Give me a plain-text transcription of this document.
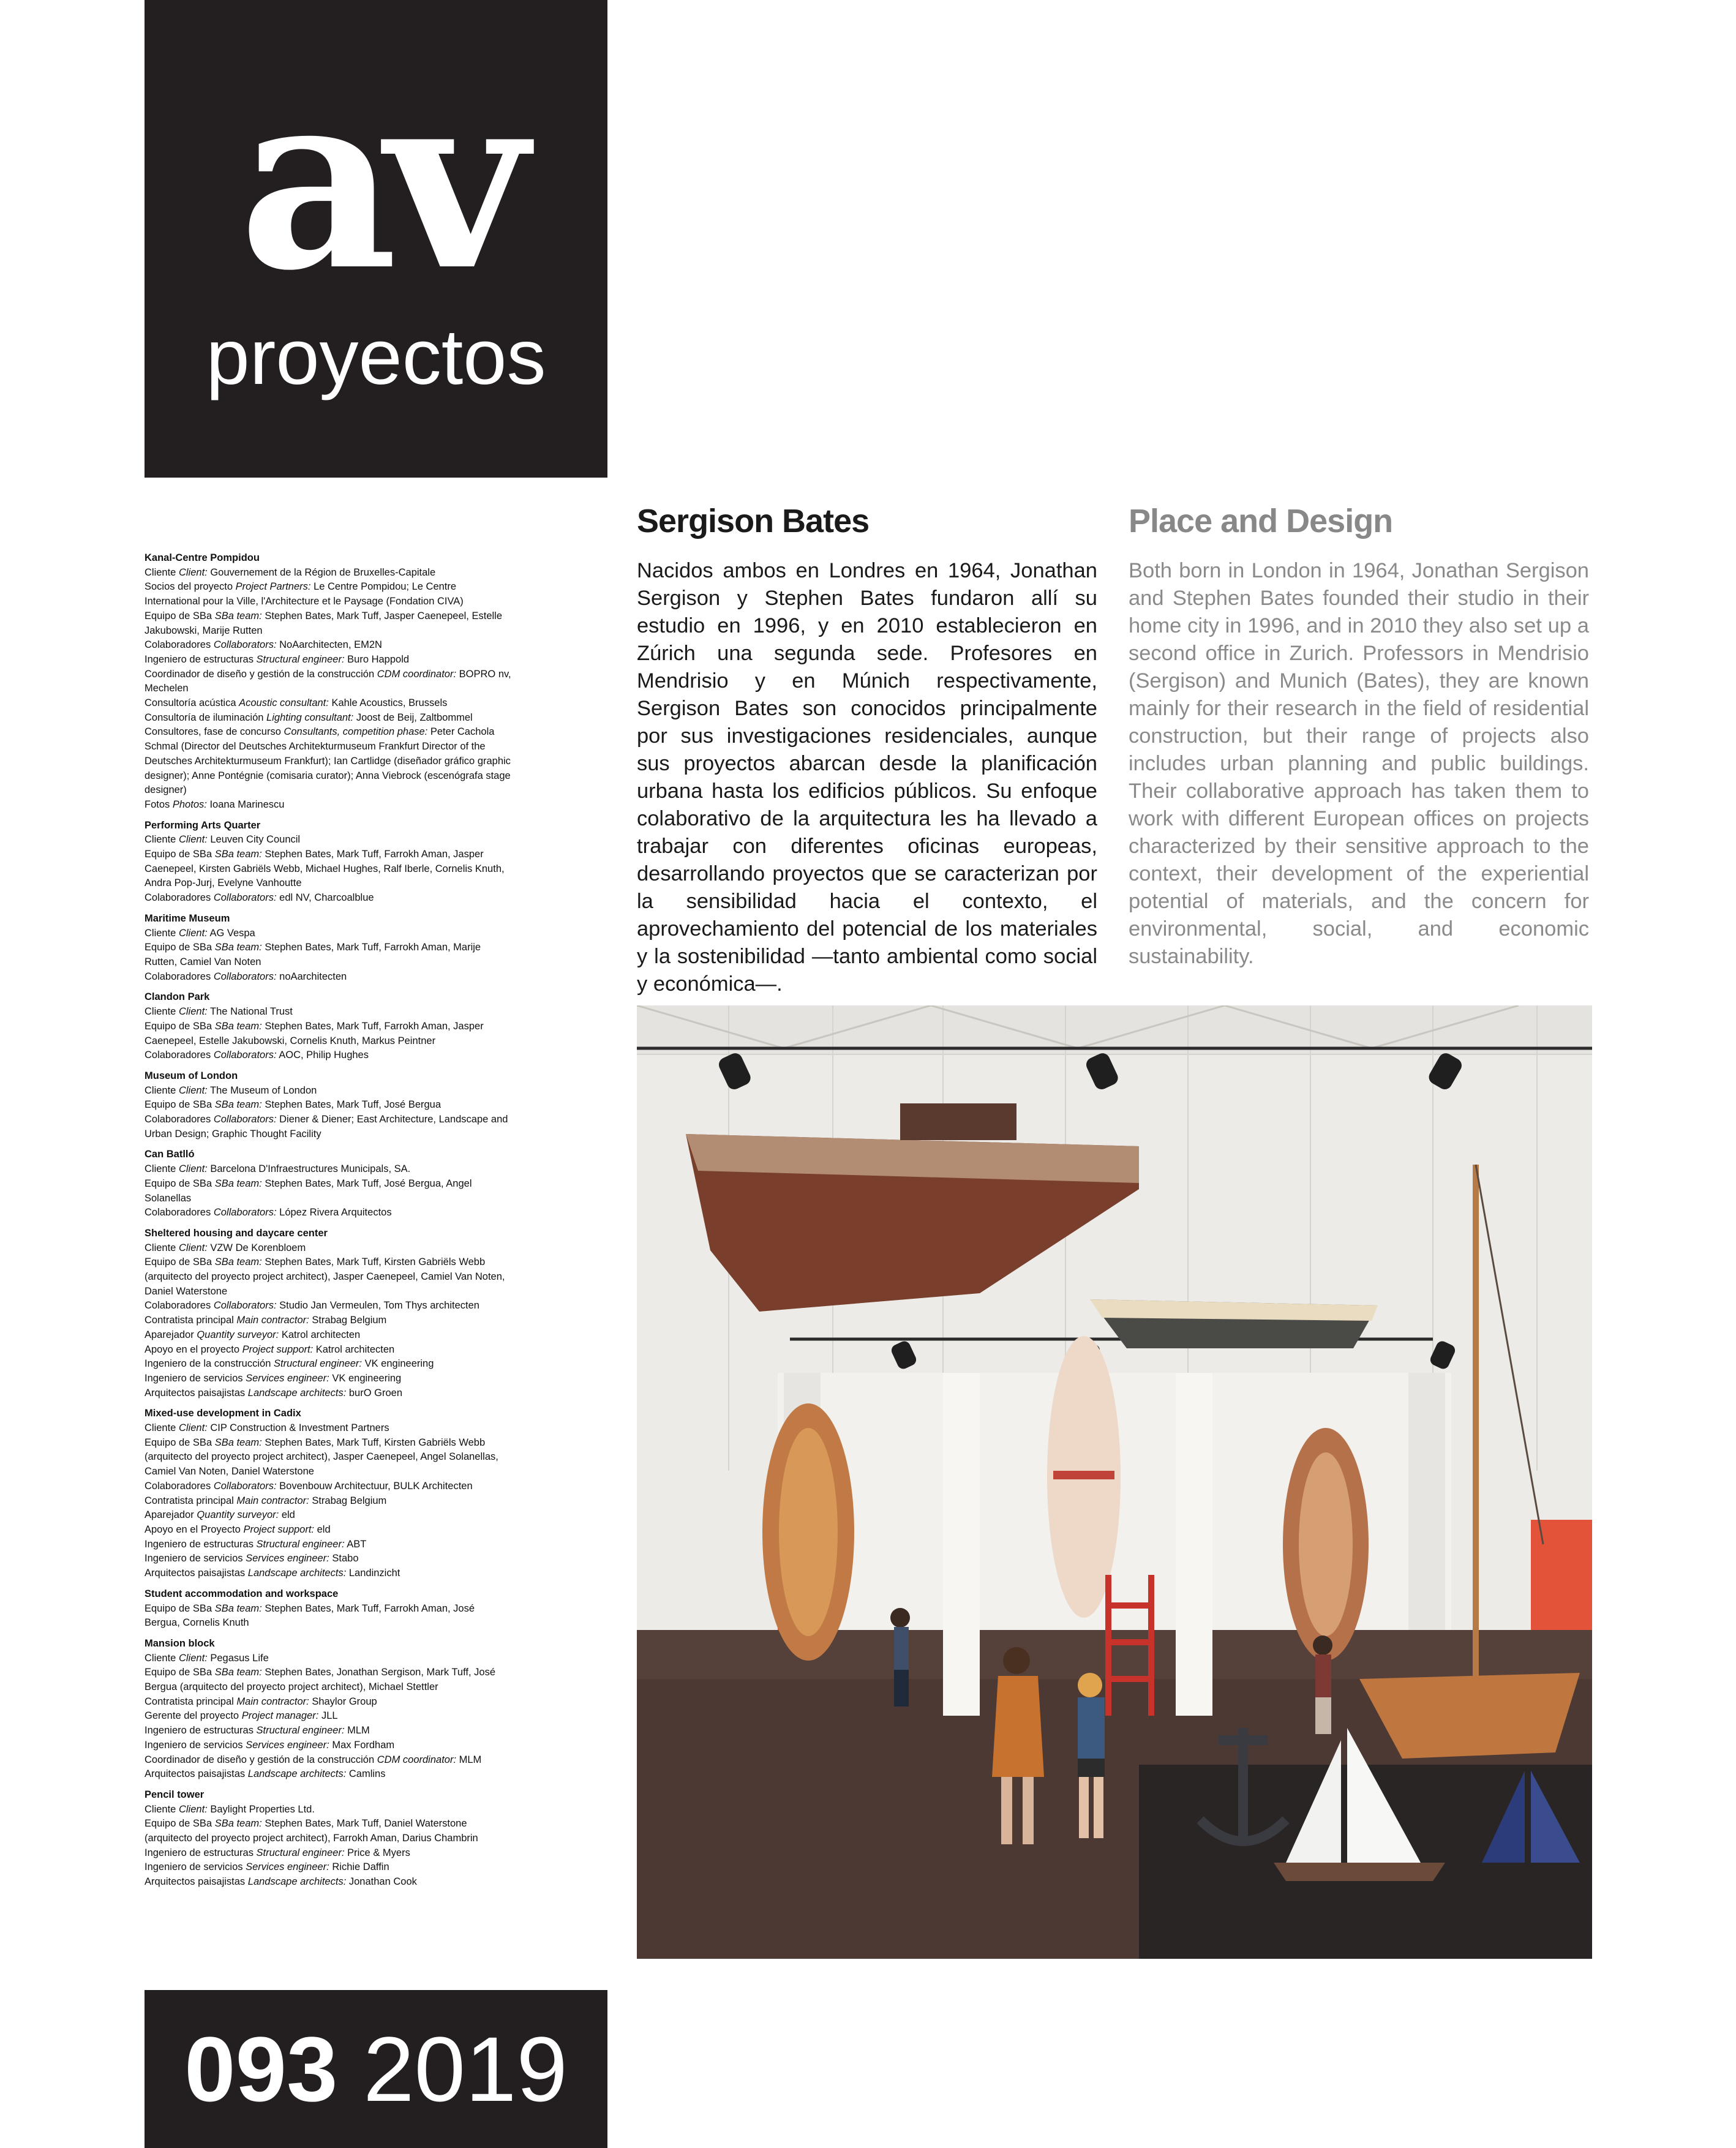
av
proyectos
Kanal-Centre Pompidou
Cliente Client: Gouvernement de la Région de Bruxelles-Capitale
Socios del proyecto Project Partners: Le Centre Pompidou; Le Centre International pour la Ville, l'Architecture et le Paysage (Fondation CIVA)
Equipo de SBa SBa team: Stephen Bates, Mark Tuff, Jasper Caenepeel, Estelle Jakubowski, Marije Rutten
Colaboradores Collaborators: NoAarchitecten, EM2N
Ingeniero de estructuras Structural engineer: Buro Happold
Coordinador de diseño y gestión de la construcción CDM coordinator: BOPRO nv, Mechelen
Consultoría acústica Acoustic consultant: Kahle Acoustics, Brussels
Consultoría de iluminación Lighting consultant: Joost de Beij, Zaltbommel
Consultores, fase de concurso Consultants, competition phase: Peter Cachola Schmal (Director del Deutsches Architekturmuseum Frankfurt Director of the Deutsches Architekturmuseum Frankfurt); Ian Cartlidge (diseñador gráfico graphic designer); Anne Pontégnie (comisaria curator); Anna Viebrock (escenógrafa stage designer)
Fotos Photos: Ioana Marinescu
Performing Arts Quarter
Cliente Client: Leuven City Council
Equipo de SBa SBa team: Stephen Bates, Mark Tuff, Farrokh Aman, Jasper Caenepeel, Kirsten Gabriëls Webb, Michael Hughes, Ralf Iberle, Cornelis Knuth, Andra Pop-Jurj, Evelyne Vanhoutte
Colaboradores Collaborators: edl NV, Charcoalblue
Maritime Museum
Cliente Client: AG Vespa
Equipo de SBa SBa team: Stephen Bates, Mark Tuff, Farrokh Aman, Marije Rutten, Camiel Van Noten
Colaboradores Collaborators: noAarchitecten
Clandon Park
Cliente Client: The National Trust
Equipo de SBa SBa team: Stephen Bates, Mark Tuff, Farrokh Aman, Jasper Caenepeel, Estelle Jakubowski, Cornelis Knuth, Markus Peintner
Colaboradores Collaborators: AOC, Philip Hughes
Museum of London
Cliente Client: The Museum of London
Equipo de SBa SBa team: Stephen Bates, Mark Tuff, José Bergua
Colaboradores Collaborators: Diener & Diener; East Architecture, Landscape and Urban Design; Graphic Thought Facility
Can Batlló
Cliente Client: Barcelona D'Infraestructures Municipals, SA.
Equipo de SBa SBa team: Stephen Bates, Mark Tuff, José Bergua, Angel Solanellas
Colaboradores Collaborators: López Rivera Arquitectos
Sheltered housing and daycare center
Cliente Client: VZW De Korenbloem
Equipo de SBa SBa team: Stephen Bates, Mark Tuff, Kirsten Gabriëls Webb (arquitecto del proyecto project architect), Jasper Caenepeel, Camiel Van Noten, Daniel Waterstone
Colaboradores Collaborators: Studio Jan Vermeulen, Tom Thys architecten
Contratista principal Main contractor: Strabag Belgium
Aparejador Quantity surveyor: Katrol architecten
Apoyo en el proyecto Project support: Katrol architecten
Ingeniero de la construcción Structural engineer: VK engineering
Ingeniero de servicios Services engineer: VK engineering
Arquitectos paisajistas Landscape architects: burO Groen
Mixed-use development in Cadix
Cliente Client: CIP Construction & Investment Partners
Equipo de SBa SBa team: Stephen Bates, Mark Tuff, Kirsten Gabriëls Webb (arquitecto del proyecto project architect), Jasper Caenepeel, Angel Solanellas, Camiel Van Noten, Daniel Waterstone
Colaboradores Collaborators: Bovenbouw Architectuur, BULK Architecten
Contratista principal Main contractor: Strabag Belgium
Aparejador Quantity surveyor: eld
Apoyo en el Proyecto Project support: eld
Ingeniero de estructuras Structural engineer: ABT
Ingeniero de servicios Services engineer: Stabo
Arquitectos paisajistas Landscape architects: Landinzicht
Student accommodation and workspace
Equipo de SBa SBa team: Stephen Bates, Mark Tuff, Farrokh Aman, José Bergua, Cornelis Knuth
Mansion block
Cliente Client: Pegasus Life
Equipo de SBa SBa team: Stephen Bates, Jonathan Sergison, Mark Tuff, José Bergua (arquitecto del proyecto project architect), Michael Stettler
Contratista principal Main contractor: Shaylor Group
Gerente del proyecto Project manager: JLL
Ingeniero de estructuras Structural engineer: MLM
Ingeniero de servicios Services engineer: Max Fordham
Coordinador de diseño y gestión de la construcción CDM coordinator: MLM
Arquitectos paisajistas Landscape architects: Camlins
Pencil tower
Cliente Client: Baylight Properties Ltd.
Equipo de SBa SBa team: Stephen Bates, Mark Tuff, Daniel Waterstone (arquitecto del proyecto project architect), Farrokh Aman, Darius Chambrin
Ingeniero de estructuras Structural engineer: Price & Myers
Ingeniero de servicios Services engineer: Richie Daffin
Arquitectos paisajistas Landscape architects: Jonathan Cook
Sergison Bates	Place and Design
Nacidos ambos en Londres en 1964, Jonathan Sergison y Stephen Bates fundaron allí su estudio en 1996, y en 2010 establecieron en Zúrich una segunda sede. Profesores en Mendrisio y en Múnich respectivamente, Sergison Bates son conocidos principalmente por sus investigaciones residenciales, aunque sus proyectos abarcan desde la planificación urbana hasta los edificios públicos. Su enfoque colaborativo de la arquitectura les ha llevado a trabajar con diferentes oficinas europeas, desarrollando proyectos que se caracterizan por la sensibilidad hacia el contexto, el aprovechamiento del potencial de los materiales y la sostenibilidad —tanto ambiental como social y económica—.
Both born in London in 1964, Jonathan Sergison and Stephen Bates founded their studio in their home city in 1996, and in 2010 they also set up a second office in Zurich. Professors in Mendrisio (Sergison) and Munich (Bates), they are known mainly for their research in the field of residential construction, but their range of projects also includes urban planning and public buildings. Their collaborative approach has taken them to work with different European offices on projects characterized by their sensitive approach to the context, their development of the experiential potential of materials, and the concern for environmental, social, and economic sustainability.
093 2019
